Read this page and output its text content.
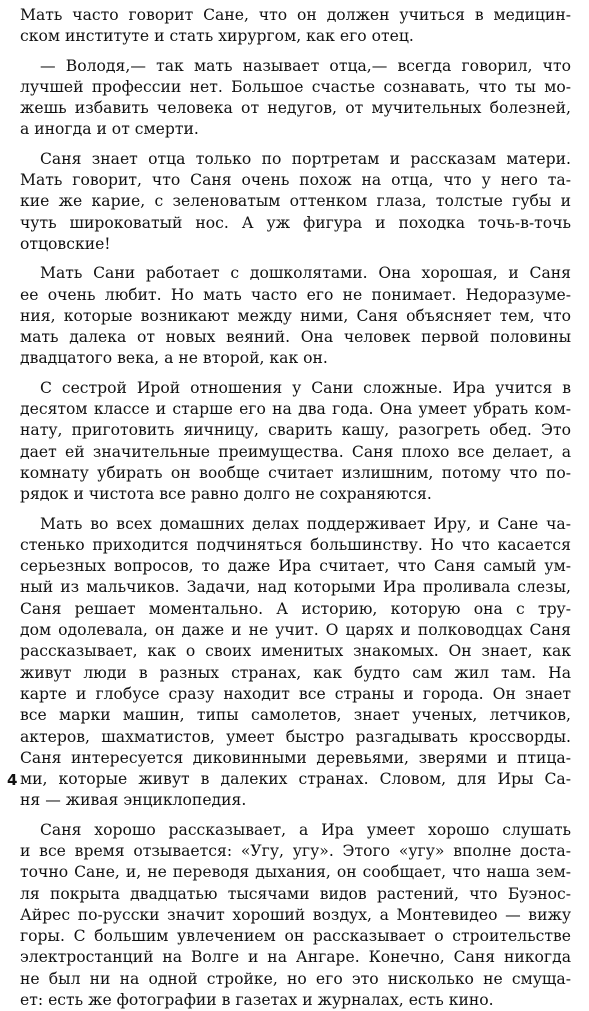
Мать часто говорит Сане, что он должен учиться в медицин-
ском институте и стать хирургом, как его отец.
— Володя,— так мать называет отца,— всегда говорил, что
лучшей профессии нет. Большое счастье сознавать, что ты мо-
жешь избавить человека от недугов, от мучительных болезней,
а иногда и от смерти.
Саня знает отца только по портретам и рассказам матери.
Мать говорит, что Саня очень похож на отца, что у него та-
кие же карие, с зеленоватым оттенком глаза, толстые губы и
чуть широковатый нос. А уж фигура и походка точь-в-точь
отцовские!
Мать Сани работает с дошколятами. Она хорошая, и Саня
ее очень любит. Но мать часто его не понимает. Недоразуме-
ния, которые возникают между ними, Саня объясняет тем, что
мать далека от новых веяний. Она человек первой половины
двадцатого века, а не второй, как он.
С сестрой Ирой отношения у Сани сложные. Ира учится в
десятом классе и старше его на два года. Она умеет убрать ком-
нату, приготовить яичницу, сварить кашу, разогреть обед. Это
дает ей значительные преимущества. Саня плохо все делает, а
комнату убирать он вообще считает излишним, потому что по-
рядок и чистота все равно долго не сохраняются.
Мать во всех домашних делах поддерживает Иру, и Сане ча-
стенько приходится подчиняться большинству. Но что касается
серьезных вопросов, то даже Ира считает, что Саня самый ум-
ный из мальчиков. Задачи, над которыми Ира проливала слезы,
Саня решает моментально. А историю, которую она с тру-
дом одолевала, он даже и не учит. О царях и полководцах Саня
рассказывает, как о своих именитых знакомых. Он знает, как
живут люди в разных странах, как будто сам жил там. На
карте и глобусе сразу находит все страны и города. Он знает
все марки машин, типы самолетов, знает ученых, летчиков,
актеров, шахматистов, умеет быстро разгадывать кроссворды.
Саня интересуется диковинными деревьями, зверями и птица-
ми, которые живут в далеких странах. Словом, для Иры Са-
ня — живая энциклопедия.
Саня хорошо рассказывает, а Ира умеет хорошо слушать
и все время отзывается: «Угу, угу». Этого «угу» вполне доста-
точно Сане, и, не переводя дыхания, он сообщает, что наша зем-
ля покрыта двадцатью тысячами видов растений, что Буэнос-
Айрес по-русски значит хороший воздух, а Монтевидео — вижу
горы. С большим увлечением он рассказывает о строительстве
электростанций на Волге и на Ангаре. Конечно, Саня никогда
не был ни на одной стройке, но его это нисколько не смуща-
ет: есть же фотографии в газетах и журналах, есть кино.
4
